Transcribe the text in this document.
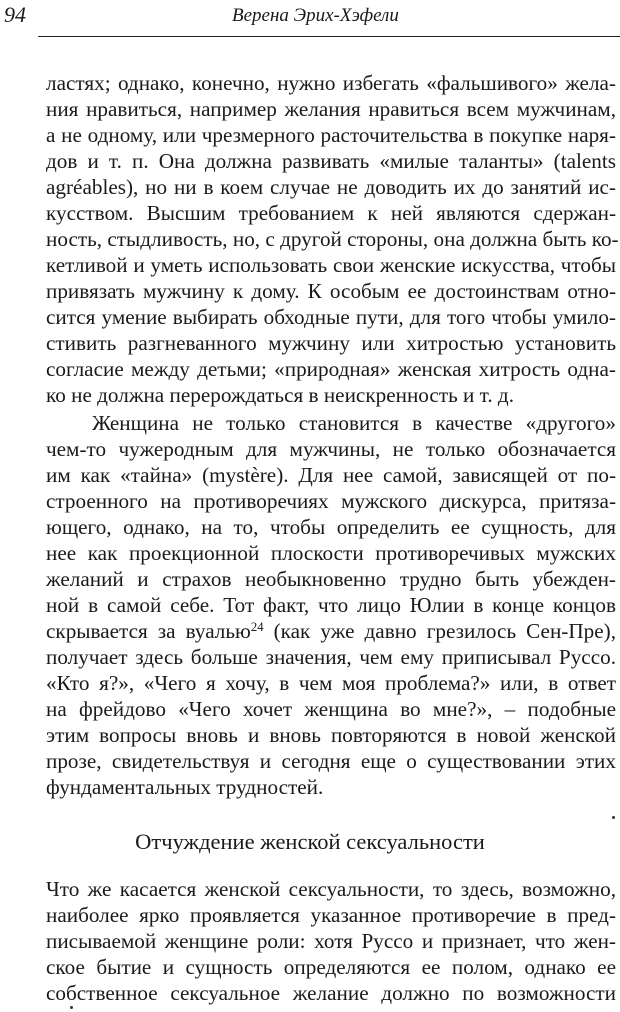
94	Верена Эрих-Хэфели
ластях; однако, конечно, нужно избегать «фальшивого» жела-
ния нравиться, например желания нравиться всем мужчинам,
а не одному, или чрезмерного расточительства в покупке наря-
дов и т. п. Она должна развивать «милые таланты» (talents
agréables), но ни в коем случае не доводить их до занятий ис-
кусством. Высшим требованием к ней являются сдержан-
ность, стыдливость, но, с другой стороны, она должна быть ко-
кетливой и уметь использовать свои женские искусства, чтобы
привязать мужчину к дому. К особым ее достоинствам отно-
сится умение выбирать обходные пути, для того чтобы умило-
стивить разгневанного мужчину или хитростью установить
согласие между детьми; «природная» женская хитрость одна-
ко не должна перерождаться в неискренность и т. д.
Женщина не только становится в качестве «другого»
чем-то чужеродным для мужчины, не только обозначается
им как «тайна» (mystère). Для нее самой, зависящей от по-
строенного на противоречиях мужского дискурса, притяза-
ющего, однако, на то, чтобы определить ее сущность, для
нее как проекционной плоскости противоречивых мужских
желаний и страхов необыкновенно трудно быть убежден-
ной в самой себе. Тот факт, что лицо Юлии в конце концов
скрывается за вуалью$^{24}$ (как уже давно грезилось Сен-Пре),
получает здесь больше значения, чем ему приписывал Руссо.
«Кто я?», «Чего я хочу, в чем моя проблема?» или, в ответ
на фрейдово «Чего хочет женщина во мне?», – подобные
этим вопросы вновь и вновь повторяются в новой женской
прозе, свидетельствуя и сегодня еще о существовании этих
фундаментальных трудностей.
Отчуждение женской сексуальности
Что же касается женской сексуальности, то здесь, возможно,
наиболее ярко проявляется указанное противоречие в пред-
писываемой женщине роли: хотя Руссо и признает, что жен-
ское бытие и сущность определяются ее полом, однако ее
собственное сексуальное желание должно по возможности
